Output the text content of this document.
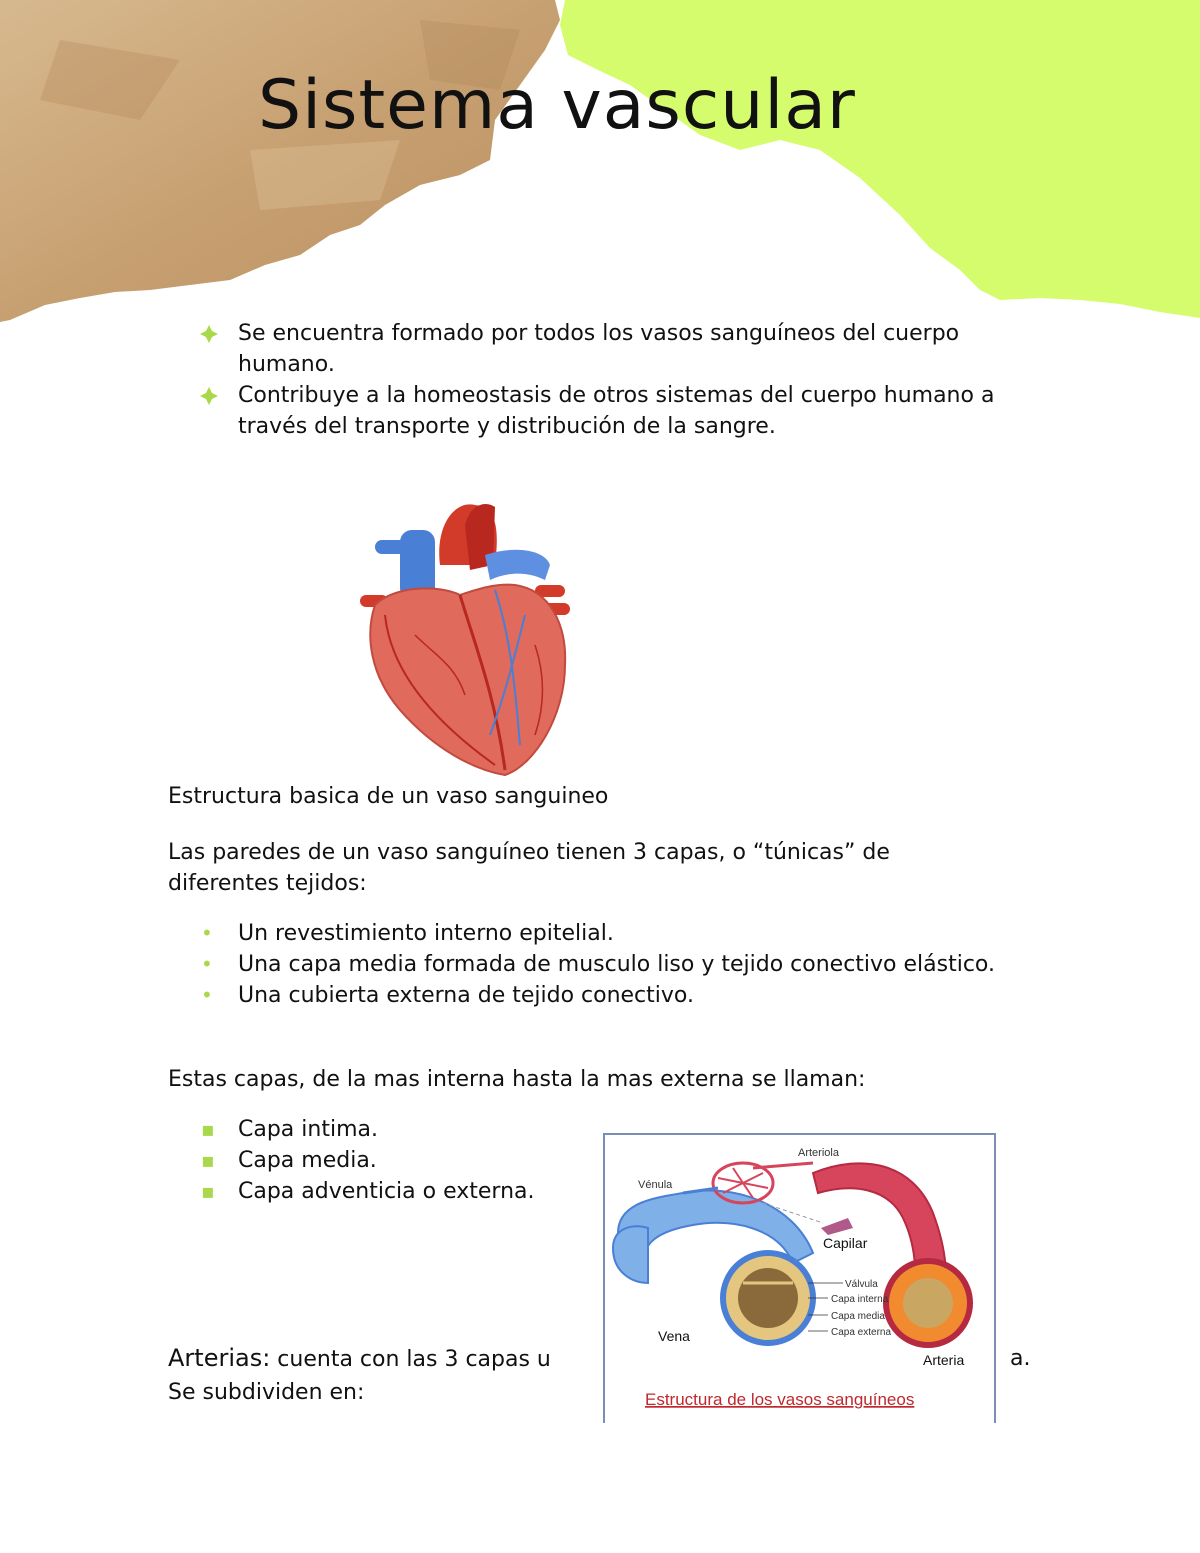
Sistema vascular
Se encuentra formado por todos los vasos sanguíneos del cuerpo humano.
Contribuye a la homeostasis de otros sistemas del cuerpo humano a través del transporte y distribución de la sangre.
Estructura basica de un vaso sanguineo

Las paredes de un vaso sanguíneo tienen 3 capas, o “túnicas” de diferentes tejidos:

• Un revestimiento interno epitelial.
• Una capa media formada de musculo liso y tejido conectivo elástico.
• Una cubierta externa de tejido conectivo.

Estas capas, de la mas interna hasta la mas externa se llaman:

▪ Capa intima.
▪ Capa media.
▪ Capa adventicia o externa.

Arterias: cuenta con las 3 capas u	a.

Se subdividen en:

Arteriola
Vénula
Capilar
Válvula
Capa interna
Capa media
Capa externa
Vena
Arteria
Estructura de los vasos sanguíneos
